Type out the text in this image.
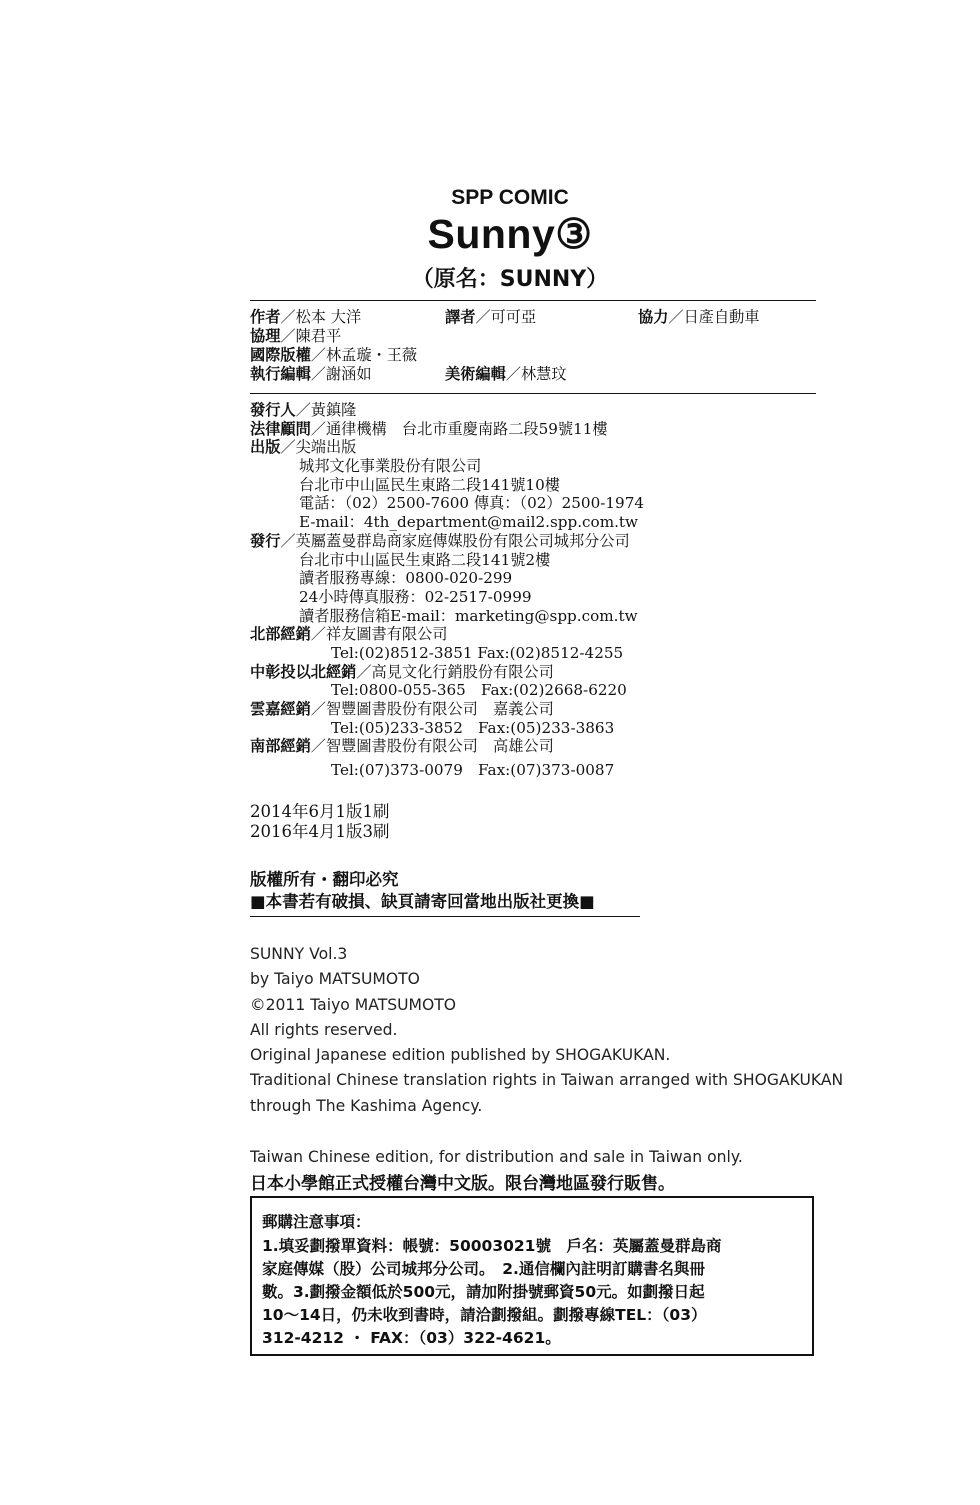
SPP COMIC
Sunny③
（原名：SUNNY）
作者／松本 大洋	譯者／可可亞	協力／日產自動車
協理／陳君平
國際版權／林孟璇・王薇
執行編輯／謝涵如	美術編輯／林慧玟
發行人／黃鎮隆
法律顧問／通律機構　台北市重慶南路二段59號11樓
出版／尖端出版
城邦文化事業股份有限公司
台北市中山區民生東路二段141號10樓
電話：（02）2500-7600 傳真：（02）2500-1974
E-mail：4th_department@mail2.spp.com.tw
發行／英屬蓋曼群島商家庭傳媒股份有限公司城邦分公司
台北市中山區民生東路二段141號2樓
讀者服務專線：0800-020-299
24小時傳真服務：02-2517-0999
讀者服務信箱E-mail：marketing@spp.com.tw
北部經銷／祥友圖書有限公司
Tel:(02)8512-3851 Fax:(02)8512-4255
中彰投以北經銷／高見文化行銷股份有限公司
Tel:0800-055-365　Fax:(02)2668-6220
雲嘉經銷／智豐圖書股份有限公司　嘉義公司
Tel:(05)233-3852　Fax:(05)233-3863
南部經銷／智豐圖書股份有限公司　高雄公司
Tel:(07)373-0079　Fax:(07)373-0087
2014年6月1版1刷
2016年4月1版3刷
版權所有・翻印必究
■本書若有破損、缺頁請寄回當地出版社更換■
SUNNY Vol.3
by Taiyo MATSUMOTO
©2011 Taiyo MATSUMOTO
All rights reserved.
Original Japanese edition published by SHOGAKUKAN.
Traditional Chinese translation rights in Taiwan arranged with SHOGAKUKAN
through The Kashima Agency.
Taiwan Chinese edition, for distribution and sale in Taiwan only.
日本小學館正式授權台灣中文版。限台灣地區發行販售。
郵購注意事項：
1.填妥劃撥單資料：帳號：50003021號　戶名：英屬蓋曼群島商
家庭傳媒（股）公司城邦分公司。　2.通信欄內註明訂購書名與冊
數。3.劃撥金額低於500元，請加附掛號郵資50元。如劃撥日起
10～14日，仍未收到書時，請洽劃撥組。劃撥專線TEL：（03）
312-4212 ・ FAX：（03）322-4621。
